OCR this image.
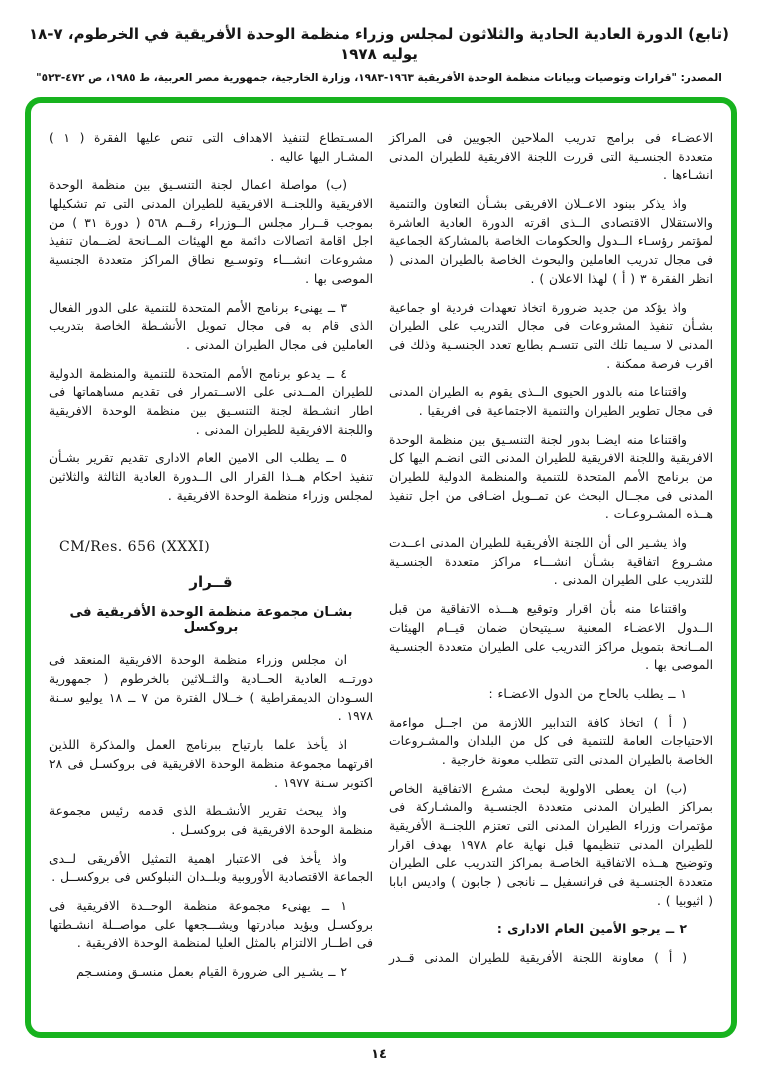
(تابع) الدورة العادية الحادية والثلاثون لمجلس وزراء منظمة الوحدة الأفريقية في الخرطوم، ٧-١٨ يوليه ١٩٧٨
المصدر: "قرارات وتوصيات وبيانات منظمة الوحدة الأفريقية ١٩٦٣-١٩٨٣، وزارة الخارجية، جمهورية مصر العربية، ط ١٩٨٥، ص ٤٧٢-٥٢٣"

الاعضـاء فى برامج تدريب الملاحين الجويين فى المراكز متعددة الجنسـية التى قررت اللجنة الافريقية للطيران المدنى انشـاءها .

واذ يذكر ببنود الاعــلان الافريقى بشـأن التعاون والتنمية والاستقلال الاقتصادى الــذى اقرته الدورة العادية العاشرة لمؤتمر رؤسـاء الــدول والحكومات الخاصة بالمشاركة الجماعية فى مجال تدريب العاملين والبحوث الخاصة بالطيران المدنى ( انظر الفقرة ٣ ( أ ) لهذا الاعلان ) .

واذ يؤكد من جديد ضرورة اتخاذ تعهدات فردية او جماعية بشـأن تنفيذ المشروعات فى مجال التدريب على الطيران المدنى لا سـيما تلك التى تتسـم بطابع تعدد الجنسـية وذلك فى اقرب فرصة ممكنة .

واقتناعا منه بالدور الحيوى الــذى يقوم به الطيران المدنى فى مجال تطوير الطيران والتنمية الاجتماعية فى افريقيا .

واقتناعا منه ايضـا بدور لجنة التنسـيق بين منظمة الوحدة الافريقية واللجنة الافريقية للطيران المدنى التى انضـم اليها كل من برنامج الأمم المتحدة للتنمية والمنظمة الدولية للطيران المدنى فى مجــال البحث عن تمــويل اضـافى من اجل تنفيذ هــذه المشـروعـات .

واذ يشـير الى أن اللجنة الأفريقية للطيران المدنى اعــدت مشـروع اتفاقية بشـأن انشـــاء مراكز متعددة الجنسـية للتدريب على الطيران المدنى .

واقتناعا منه بأن اقرار وتوقيع هـــذه الاتفاقية من قبل الــدول الاعضـاء المعنية سـيتيحان ضمان قيــام الهيئات المــانحة بتمويل مراكز التدريب على الطيران متعددة الجنسـية الموصى بها .

١ ــ يطلب بالحاح من الدول الاعضـاء :

( أ ) اتخاذ كافة التدابير اللازمة من اجــل مواءمة الاحتياجات العامة للتنمية فى كل من البلدان والمشـروعات الخاصة بالطيران المدنى التى تتطلب معونة خارجية .

(ب) ان يعطى الاولوية لبحث مشرع الاتفاقية الخاص بمراكز الطيران المدنى متعددة الجنسـية والمشـاركة فى مؤتمرات وزراء الطيران المدنى التى تعتزم اللجنــة الأفريقية للطيران المدنى تنظيمها قبل نهاية عام ١٩٧٨ بهدف اقرار وتوضيح هــذه الاتفاقية الخاصـة بمراكز التدريب على الطيران متعددة الجنسـية فى فرانسفيل ــ نانجى ( جابون ) واديس ابابا ( اثيوبيا ) .

٢ ــ يرجو الأمين العام الادارى :

( أ ) معاونة اللجنة الأفريقية للطيران المدنى قــدر

المسـتطاع لتنفيذ الاهداف التى تنص عليها الفقرة ( ١ ) المشـار اليها عاليه .

(ب) مواصلة اعمال لجنة التنسـيق بين منظمة الوحدة الافريقية واللجنــة الافريقية للطيران المدنى التى تم تشكيلها بموجب قــرار مجلس الــوزراء رقــم ٥٦٨ ( دورة ٣١ ) من اجل اقامة اتصالات دائمة مع الهيئات المــانحة لضــمان تنفيذ مشروعات انشـــاء وتوسـيع نطاق المراكز متعددة الجنسية الموصى بها .

٣ ــ يهنىء برنامج الأمم المتحدة للتنمية على الدور الفعال الذى قام به فى مجال تمويل الأنشـطة الخاصة بتدريب العاملين فى مجال الطيران المدنى .

٤ ــ يدعو برنامج الأمم المتحدة للتنمية والمنظمة الدولية للطيران المــدنى على الاســتمرار فى تقديم مساهماتها فى اطار انشـطة لجنة التنسـيق بين منظمة الوحدة الافريقية واللجنة الافريقية للطيران المدنى .

٥ ــ يطلب الى الامين العام الادارى تقديم تقرير بشـأن تنفيذ احكام هــذا القرار الى الــدورة العادية الثالثة والثلاثين لمجلس وزراء منظمة الوحدة الافريقية .

CM/Res. 656 (XXXI)
قــرار
بشـان مجموعة منظمة الوحدة الأفريقية فى بروكسل

ان مجلس وزراء منظمة الوحدة الافريقية المنعقد فى دورتــه العادية الحــادية والثــلاثين بالخرطوم ( جمهورية السـودان الديمقراطية ) خــلال الفترة من ٧ ــ ١٨ يوليو سـنة ١٩٧٨ .

اذ يأخذ علما بارتياح ببرنامج العمل والمذكرة اللذين اقرتهما مجموعة منظمة الوحدة الافريقية فى بروكسـل فى ٢٨ اكتوبر سـنة ١٩٧٧ .

واذ يبحث تقرير الأنشـطة الذى قدمه رئيس مجموعة منظمة الوحدة الافريقية فى بروكسـل .

واذ يأخذ فى الاعتبار اهمية التمثيل الأفريقى لــدى الجماعة الاقتصادية الأوروبية وبلــدان النبلوكس فى بروكســل .

١ ــ يهنىء مجموعة منظمة الوحــدة الافريقية فى بروكسـل ويؤيد مبادرتها ويشـــجعها على مواصــلة انشـطتها فى اطــار الالتزام بالمثل العليا لمنظمة الوحدة الافريقية .

٢ ــ يشـير الى ضرورة القيام بعمل منسـق ومنسـجم

١٤
